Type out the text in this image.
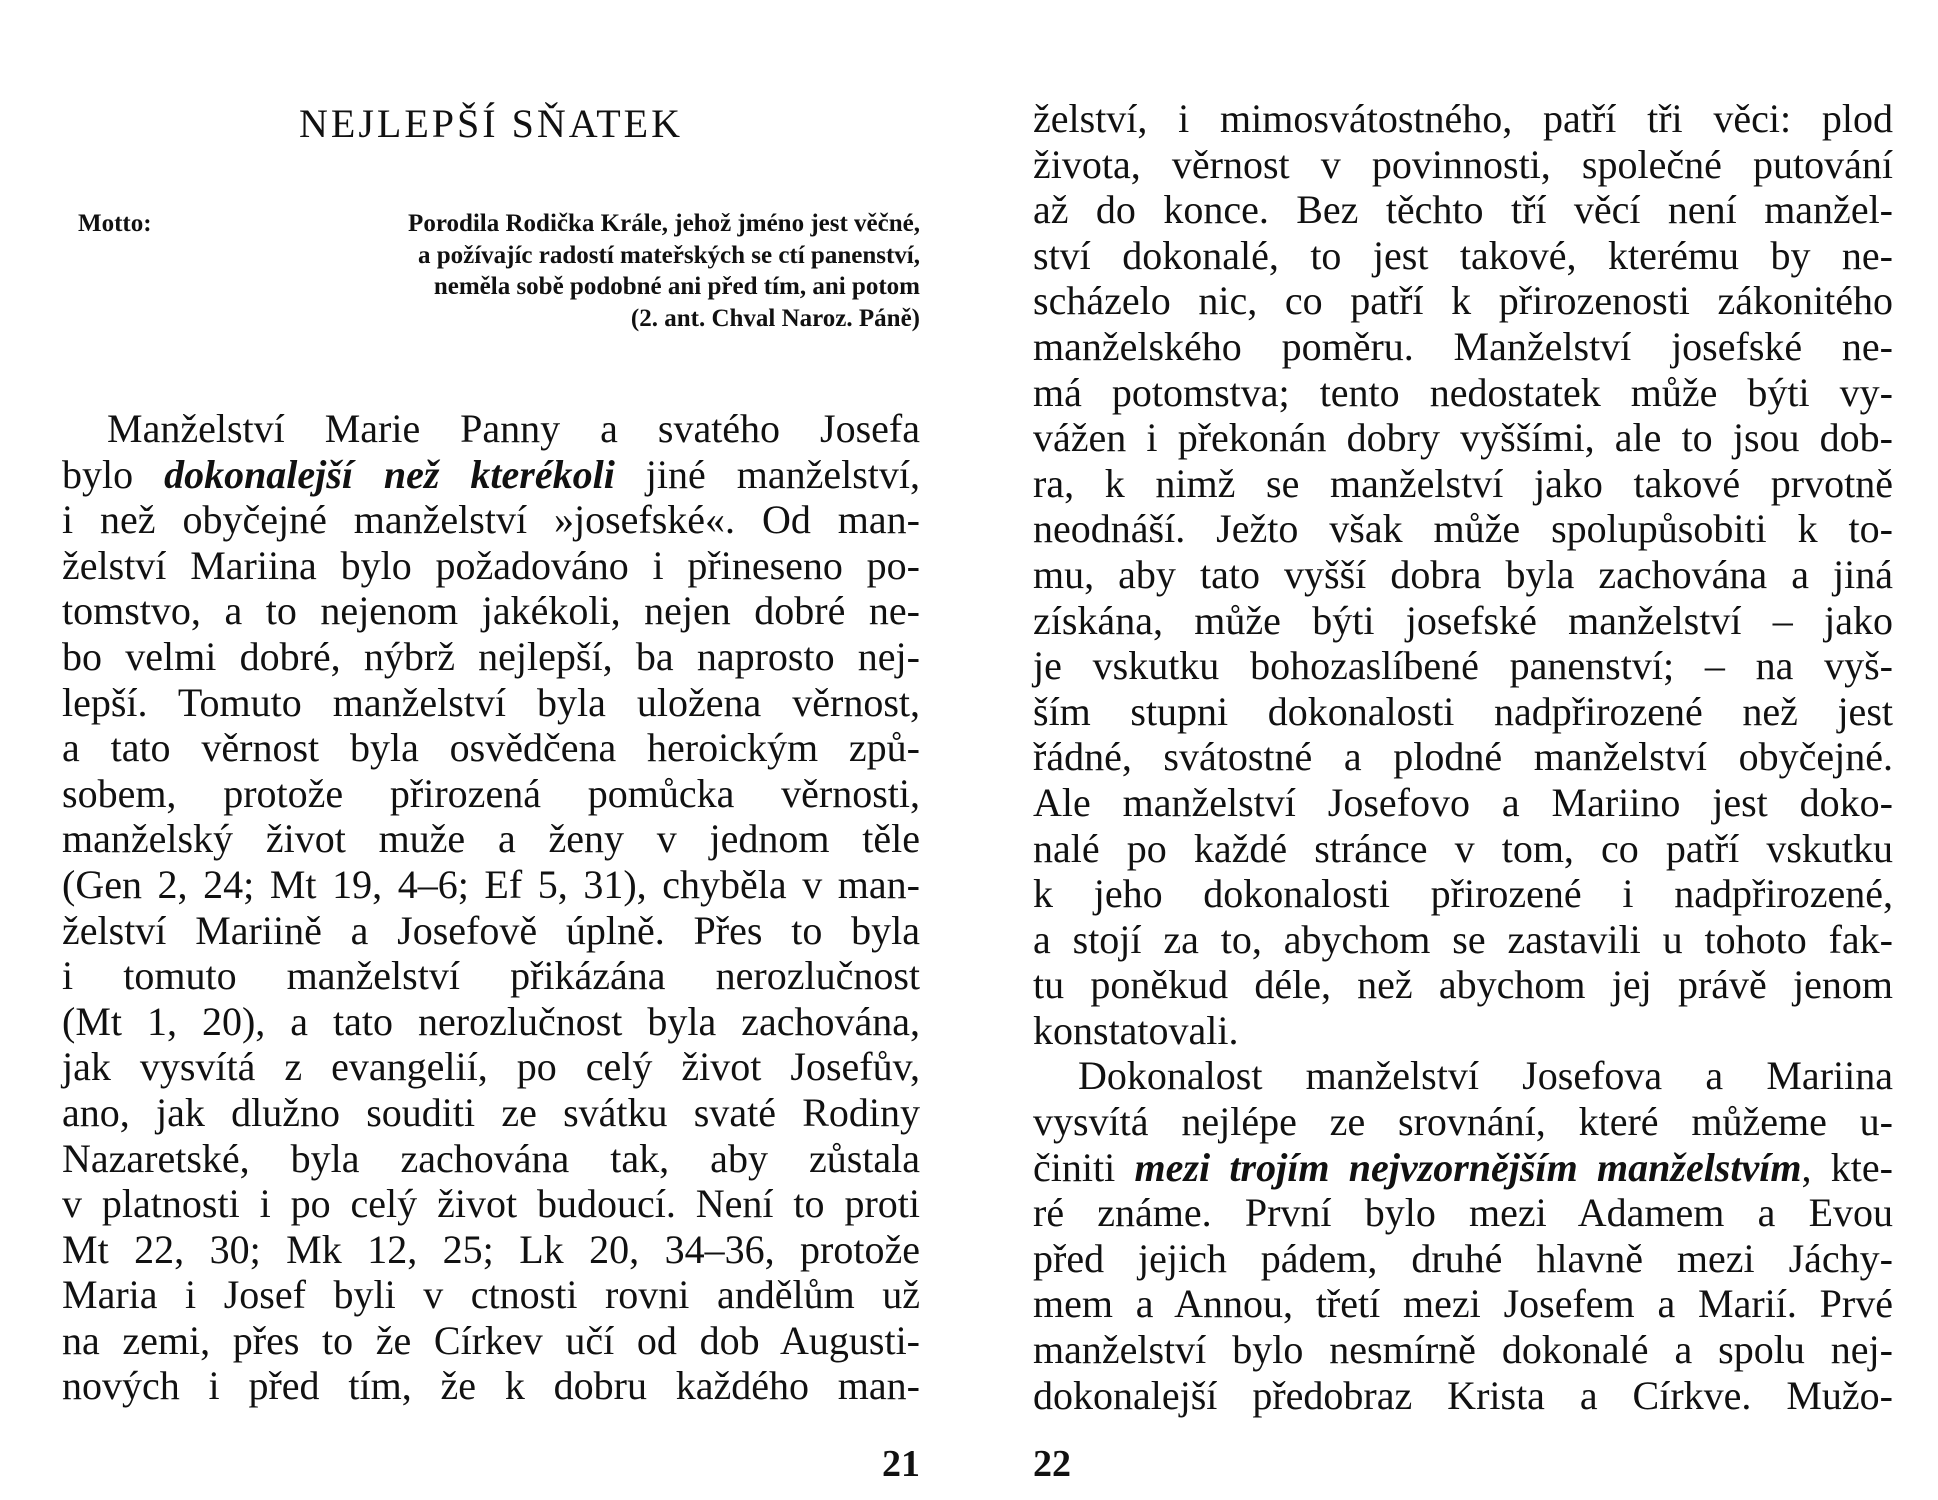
NEJLEPŠÍ SŇATEK
Motto:	Porodila Rodička Krále, jehož jméno jest věčné,
a požívajíc radostí mateřských se ctí panenství,
neměla sobě podobné ani před tím, ani potom
(2. ant. Chval Naroz. Páně)
Manželství Marie Panny a svatého Josefa
bylo dokonalejší než kterékoli jiné manželství,
i než obyčejné manželství »josefské«. Od man-
želství Mariina bylo požadováno i přineseno po-
tomstvo, a to nejenom jakékoli, nejen dobré ne-
bo velmi dobré, nýbrž nejlepší, ba naprosto nej-
lepší. Tomuto manželství byla uložena věrnost,
a tato věrnost byla osvědčena heroickým způ-
sobem, protože přirozená pomůcka věrnosti,
manželský život muže a ženy v jednom těle
(Gen 2, 24; Mt 19, 4–6; Ef 5, 31), chyběla v man-
želství Mariině a Josefově úplně. Přes to byla
i tomuto manželství přikázána nerozlučnost
(Mt 1, 20), a tato nerozlučnost byla zachována,
jak vysvítá z evangelií, po celý život Josefův,
ano, jak dlužno souditi ze svátku svaté Rodiny
Nazaretské, byla zachována tak, aby zůstala
v platnosti i po celý život budoucí. Není to proti
Mt 22, 30; Mk 12, 25; Lk 20, 34–36, protože
Maria i Josef byli v ctnosti rovni andělům už
na zemi, přes to že Církev učí od dob Augusti-
nových i před tím, že k dobru každého man-
21
želství, i mimosvátostného, patří tři věci: plod
života, věrnost v povinnosti, společné putování
až do konce. Bez těchto tří věcí není manžel-
ství dokonalé, to jest takové, kterému by ne-
scházelo nic, co patří k přirozenosti zákonitého
manželského poměru. Manželství josefské ne-
má potomstva; tento nedostatek může býti vy-
vážen i překonán dobry vyššími, ale to jsou dob-
ra, k nimž se manželství jako takové prvotně
neodnáší. Ježto však může spolupůsobiti k to-
mu, aby tato vyšší dobra byla zachována a jiná
získána, může býti josefské manželství – jako
je vskutku bohozaslíbené panenství; – na vyš-
ším stupni dokonalosti nadpřirozené než jest
řádné, svátostné a plodné manželství obyčejné.
Ale manželství Josefovo a Mariino jest doko-
nalé po každé stránce v tom, co patří vskutku
k jeho dokonalosti přirozené i nadpřirozené,
a stojí za to, abychom se zastavili u tohoto fak-
tu poněkud déle, než abychom jej právě jenom
konstatovali.
Dokonalost manželství Josefova a Mariina
vysvítá nejlépe ze srovnání, které můžeme u-
činiti mezi trojím nejvzornějším manželstvím, kte-
ré známe. První bylo mezi Adamem a Evou
před jejich pádem, druhé hlavně mezi Jáchy-
mem a Annou, třetí mezi Josefem a Marií. Prvé
manželství bylo nesmírně dokonalé a spolu nej-
dokonalejší předobraz Krista a Církve. Mužo-
22
